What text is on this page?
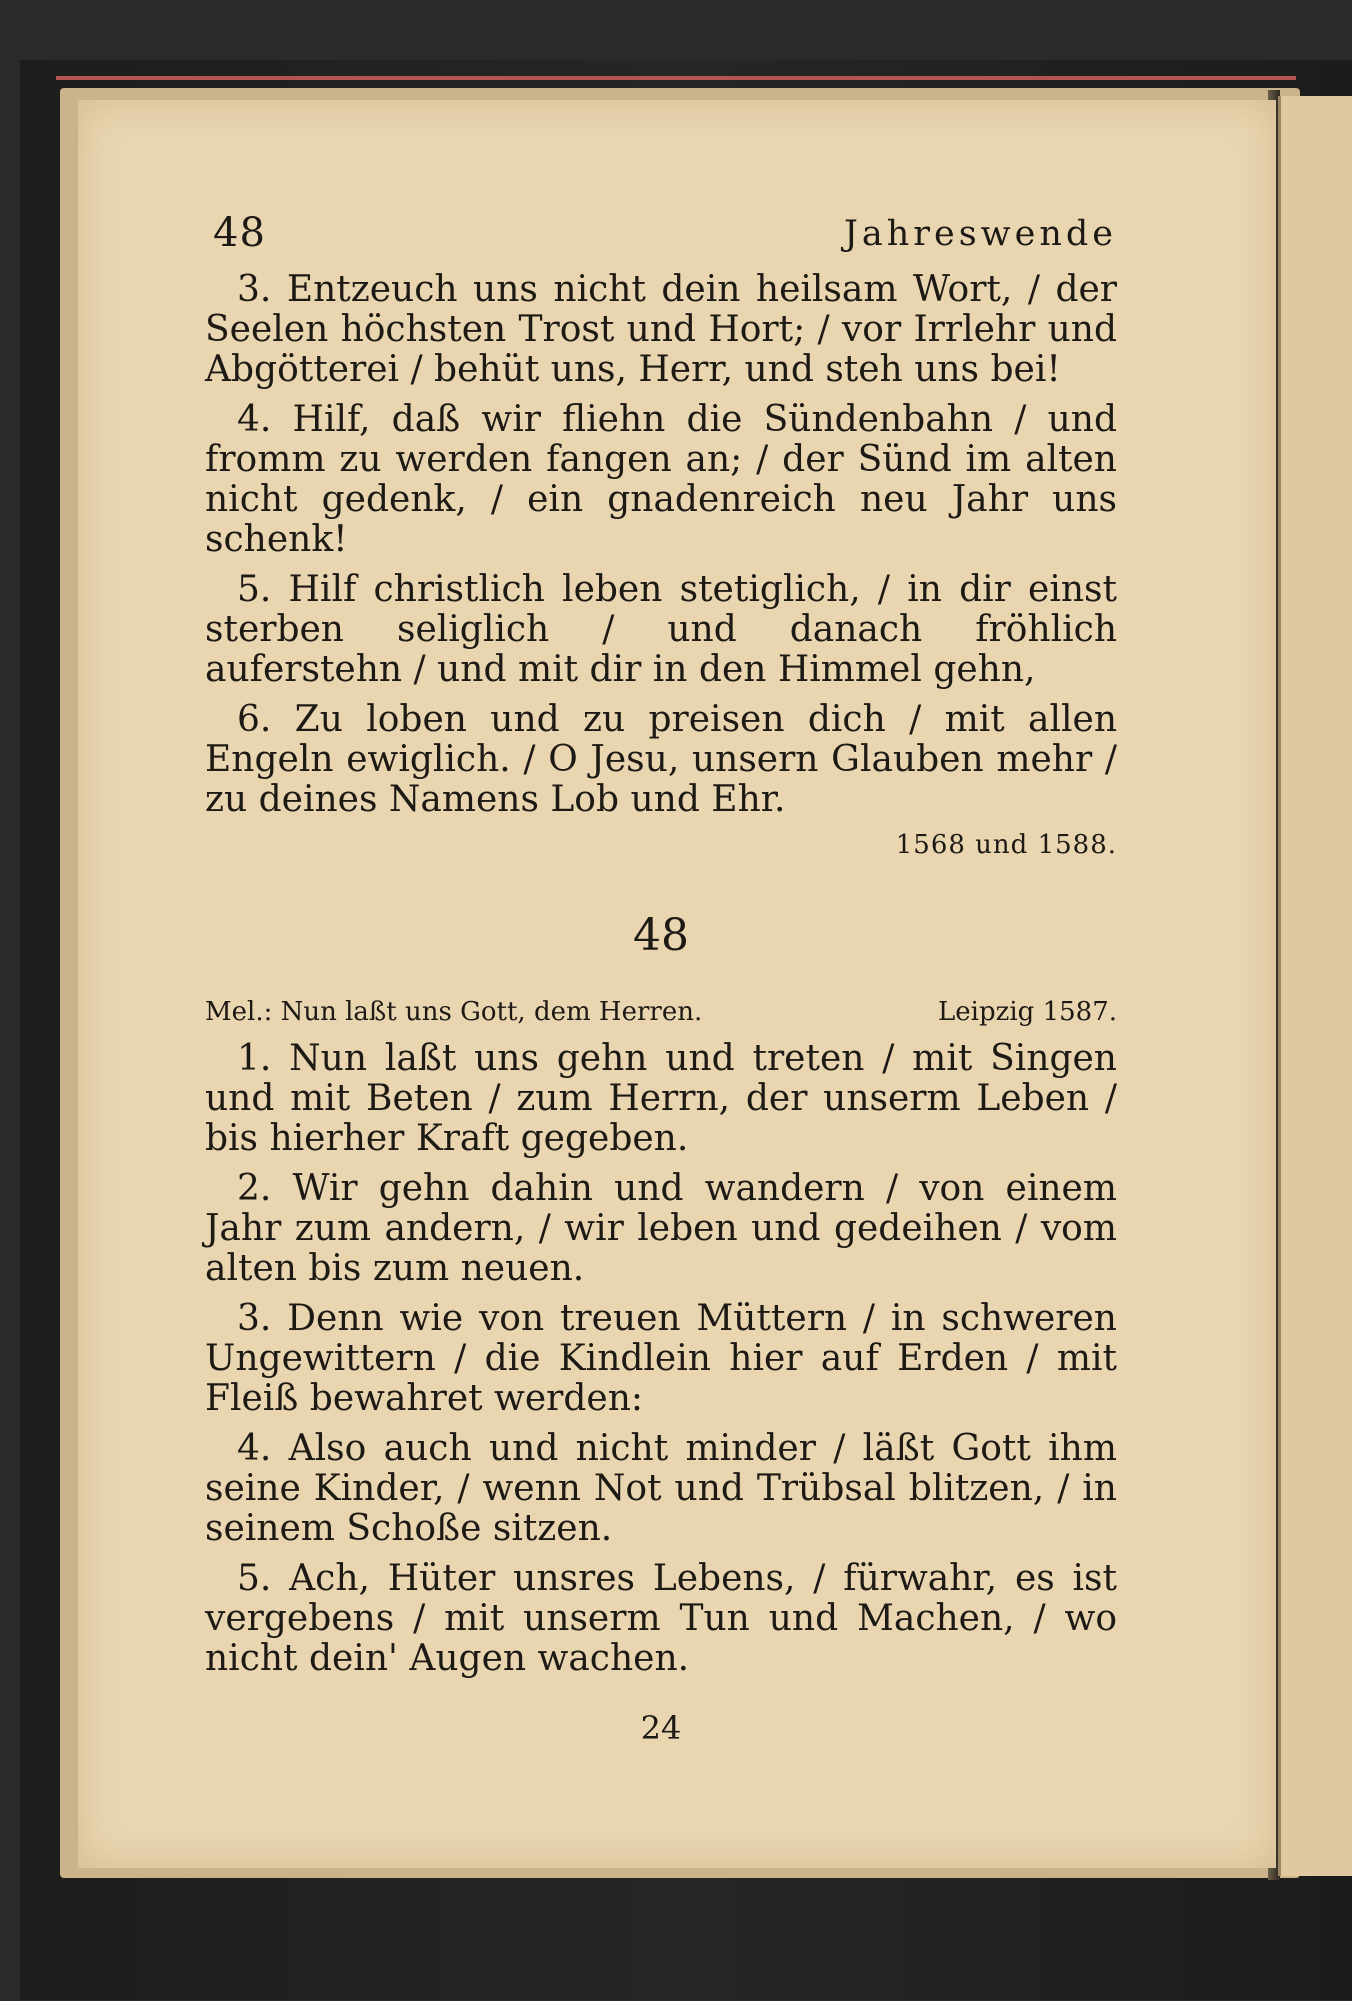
48	Jahreswende

3. Entzeuch uns nicht dein heilsam Wort, / der Seelen höchsten Trost und Hort; / vor Irrlehr und Abgötterei / behüt uns, Herr, und steh uns bei!

4. Hilf, daß wir fliehn die Sündenbahn / und fromm zu werden fangen an; / der Sünd im alten nicht gedenk, / ein gnadenreich neu Jahr uns schenk!

5. Hilf christlich leben stetiglich, / in dir einst sterben seliglich / und danach fröhlich auferstehn / und mit dir in den Himmel gehn,

6. Zu loben und zu preisen dich / mit allen Engeln ewiglich. / O Jesu, unsern Glauben mehr / zu deines Namens Lob und Ehr.

1568 und 1588.
48
Mel.: Nun laßt uns Gott, dem Herren.	Leipzig 1587.

1. Nun laßt uns gehn und treten / mit Singen und mit Beten / zum Herrn, der unserm Leben / bis hierher Kraft gegeben.

2. Wir gehn dahin und wandern / von einem Jahr zum andern, / wir leben und gedeihen / vom alten bis zum neuen.

3. Denn wie von treuen Müttern / in schweren Ungewittern / die Kindlein hier auf Erden / mit Fleiß bewahret werden:

4. Also auch und nicht minder / läßt Gott ihm seine Kinder, / wenn Not und Trübsal blitzen, / in seinem Schoße sitzen.

5. Ach, Hüter unsres Lebens, / fürwahr, es ist vergebens / mit unserm Tun und Machen, / wo nicht dein' Augen wachen.

24
